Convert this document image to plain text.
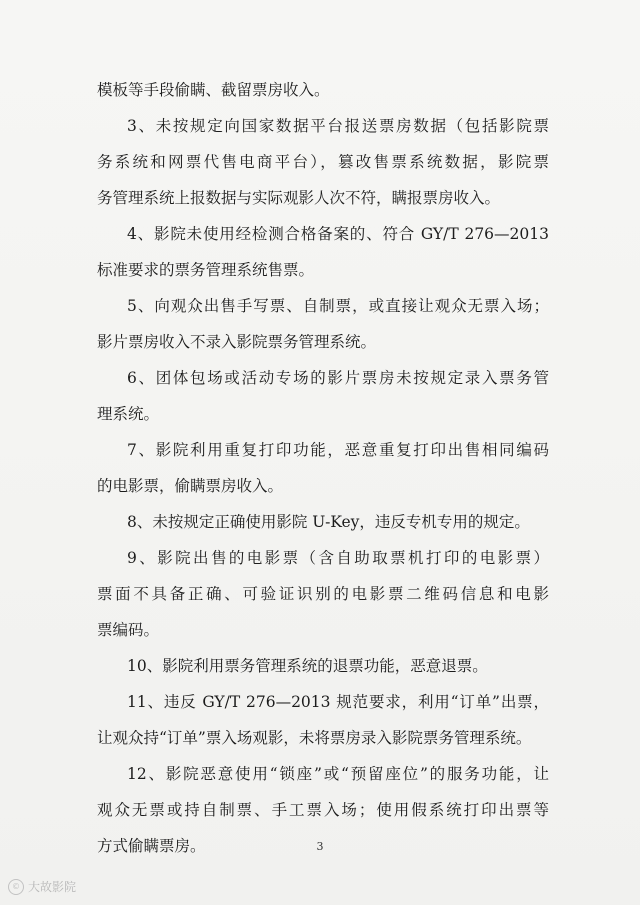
模板等手段偷瞒、截留票房收入。
3、未按规定向国家数据平台报送票房数据（包括影院票
务系统和网票代售电商平台），篡改售票系统数据，影院票
务管理系统上报数据与实际观影人次不符，瞒报票房收入。
4、影院未使用经检测合格备案的、符合 GY/T 276—2013
标准要求的票务管理系统售票。
5、向观众出售手写票、自制票，或直接让观众无票入场；
影片票房收入不录入影院票务管理系统。
6、团体包场或活动专场的影片票房未按规定录入票务管
理系统。
7、影院利用重复打印功能，恶意重复打印出售相同编码
的电影票，偷瞒票房收入。
8、未按规定正确使用影院 U-Key，违反专机专用的规定。
9、影院出售的电影票（含自助取票机打印的电影票）
票面不具备正确、可验证识别的电影票二维码信息和电影
票编码。
10、影院利用票务管理系统的退票功能，恶意退票。
11、违反 GY/T 276—2013 规范要求，利用“订单”出票，
让观众持“订单”票入场观影，未将票房录入影院票务管理系统。
12、影院恶意使用“锁座”或“预留座位”的服务功能，让
观众无票或持自制票、手工票入场；使用假系统打印出票等
方式偷瞒票房。	3
© 大故影院
